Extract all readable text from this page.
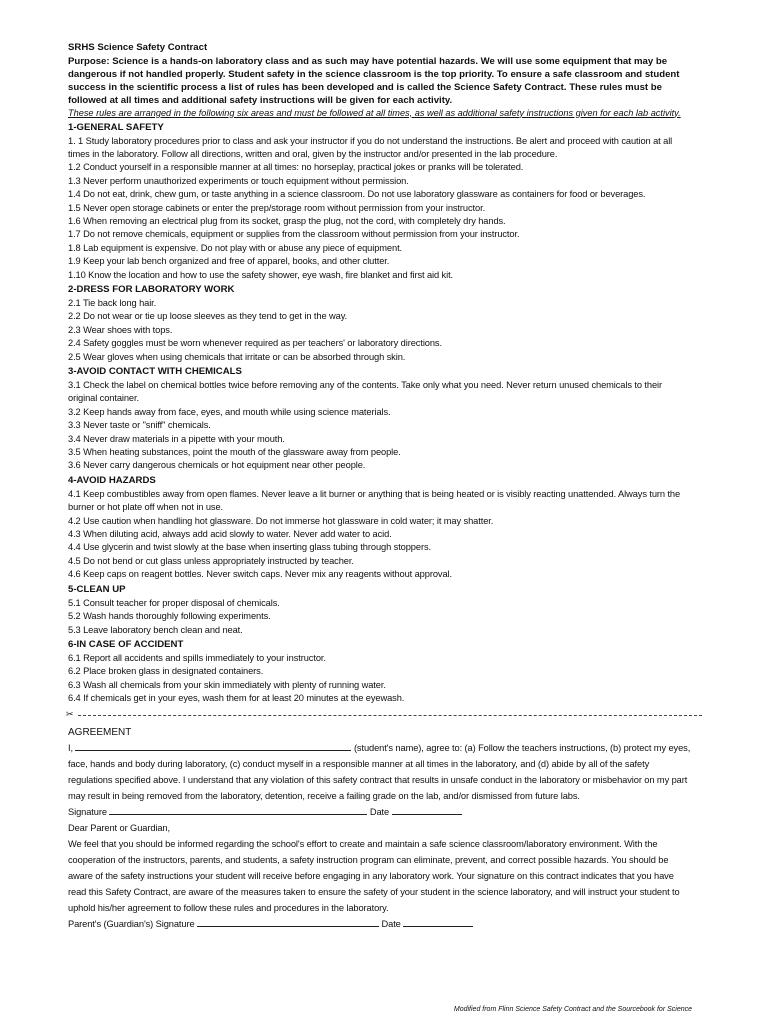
SRHS Science Safety Contract
Purpose: Science is a hands-on laboratory class and as such may have potential hazards. We will use some equipment that may be dangerous if not handled properly. Student safety in the science classroom is the top priority. To ensure a safe classroom and student success in the scientific process a list of rules has been developed and is called the Science Safety Contract. These rules must be followed at all times and additional safety instructions will be given for each activity.
These rules are arranged in the following six areas and must be followed at all times, as well as additional safety instructions given for each lab activity.
1-GENERAL SAFETY
1. 1 Study laboratory procedures prior to class and ask your instructor if you do not understand the instructions. Be alert and proceed with caution at all times in the laboratory. Follow all directions, written and oral, given by the instructor and/or presented in the lab procedure.
1.2 Conduct yourself in a responsible manner at all times: no horseplay, practical jokes or pranks will be tolerated.
1.3 Never perform unauthorized experiments or touch equipment without permission.
1.4 Do not eat, drink, chew gum, or taste anything in a science classroom. Do not use laboratory glassware as containers for food or beverages.
1.5 Never open storage cabinets or enter the prep/storage room without permission from your instructor.
1.6 When removing an electrical plug from its socket, grasp the plug, not the cord, with completely dry hands.
1.7 Do not remove chemicals, equipment or supplies from the classroom without permission from your instructor.
1.8 Lab equipment is expensive. Do not play with or abuse any piece of equipment.
1.9 Keep your lab bench organized and free of apparel, books, and other clutter.
1.10 Know the location and how to use the safety shower, eye wash, fire blanket and first aid kit.
2-DRESS FOR LABORATORY WORK
2.1 Tie back long hair.
2.2 Do not wear or tie up loose sleeves as they tend to get in the way.
2.3 Wear shoes with tops.
2.4 Safety goggles must be worn whenever required as per teachers' or laboratory directions.
2.5 Wear gloves when using chemicals that irritate or can be absorbed through skin.
3-AVOID CONTACT WITH CHEMICALS
3.1 Check the label on chemical bottles twice before removing any of the contents. Take only what you need. Never return unused chemicals to their original container.
3.2 Keep hands away from face, eyes, and mouth while using science materials.
3.3 Never taste or "sniff" chemicals.
3.4 Never draw materials in a pipette with your mouth.
3.5 When heating substances, point the mouth of the glassware away from people.
3.6 Never carry dangerous chemicals or hot equipment near other people.
4-AVOID HAZARDS
4.1 Keep combustibles away from open flames. Never leave a lit burner or anything that is being heated or is visibly reacting unattended. Always turn the burner or hot plate off when not in use.
4.2 Use caution when handling hot glassware. Do not immerse hot glassware in cold water; it may shatter.
4.3 When diluting acid, always add acid slowly to water. Never add water to acid.
4.4 Use glycerin and twist slowly at the base when inserting glass tubing through stoppers.
4.5 Do not bend or cut glass unless appropriately instructed by teacher.
4.6 Keep caps on reagent bottles. Never switch caps. Never mix any reagents without approval.
5-CLEAN UP
5.1 Consult teacher for proper disposal of chemicals.
5.2 Wash hands thoroughly following experiments.
5.3 Leave laboratory bench clean and neat.
6-IN CASE OF ACCIDENT
6.1 Report all accidents and spills immediately to your instructor.
6.2 Place broken glass in designated containers.
6.3 Wash all chemicals from your skin immediately with plenty of running water.
6.4 If chemicals get in your eyes, wash them for at least 20 minutes at the eyewash.
✂
AGREEMENT
I,	(student's name), agree to: (a) Follow the teachers instructions, (b) protect my eyes, face, hands and body during laboratory, (c) conduct myself in a responsible manner at all times in the laboratory, and (d) abide by all of the safety regulations specified above. I understand that any violation of this safety contract that results in unsafe conduct in the laboratory or misbehavior on my part may result in being removed from the laboratory, detention, receive a failing grade on the lab, and/or dismissed from future labs.
Signature	Date
Dear Parent or Guardian,
We feel that you should be informed regarding the school's effort to create and maintain a safe science classroom/laboratory environment. With the cooperation of the instructors, parents, and students, a safety instruction program can eliminate, prevent, and correct possible hazards. You should be aware of the safety instructions your student will receive before engaging in any laboratory work. Your signature on this contract indicates that you have read this Safety Contract, are aware of the measures taken to ensure the safety of your student in the science laboratory, and will instruct your student to uphold his/her agreement to follow these rules and procedures in the laboratory.
Parent's (Guardian's) Signature	Date
Modified from Flinn Science Safety Contract and the Sourcebook for Science
